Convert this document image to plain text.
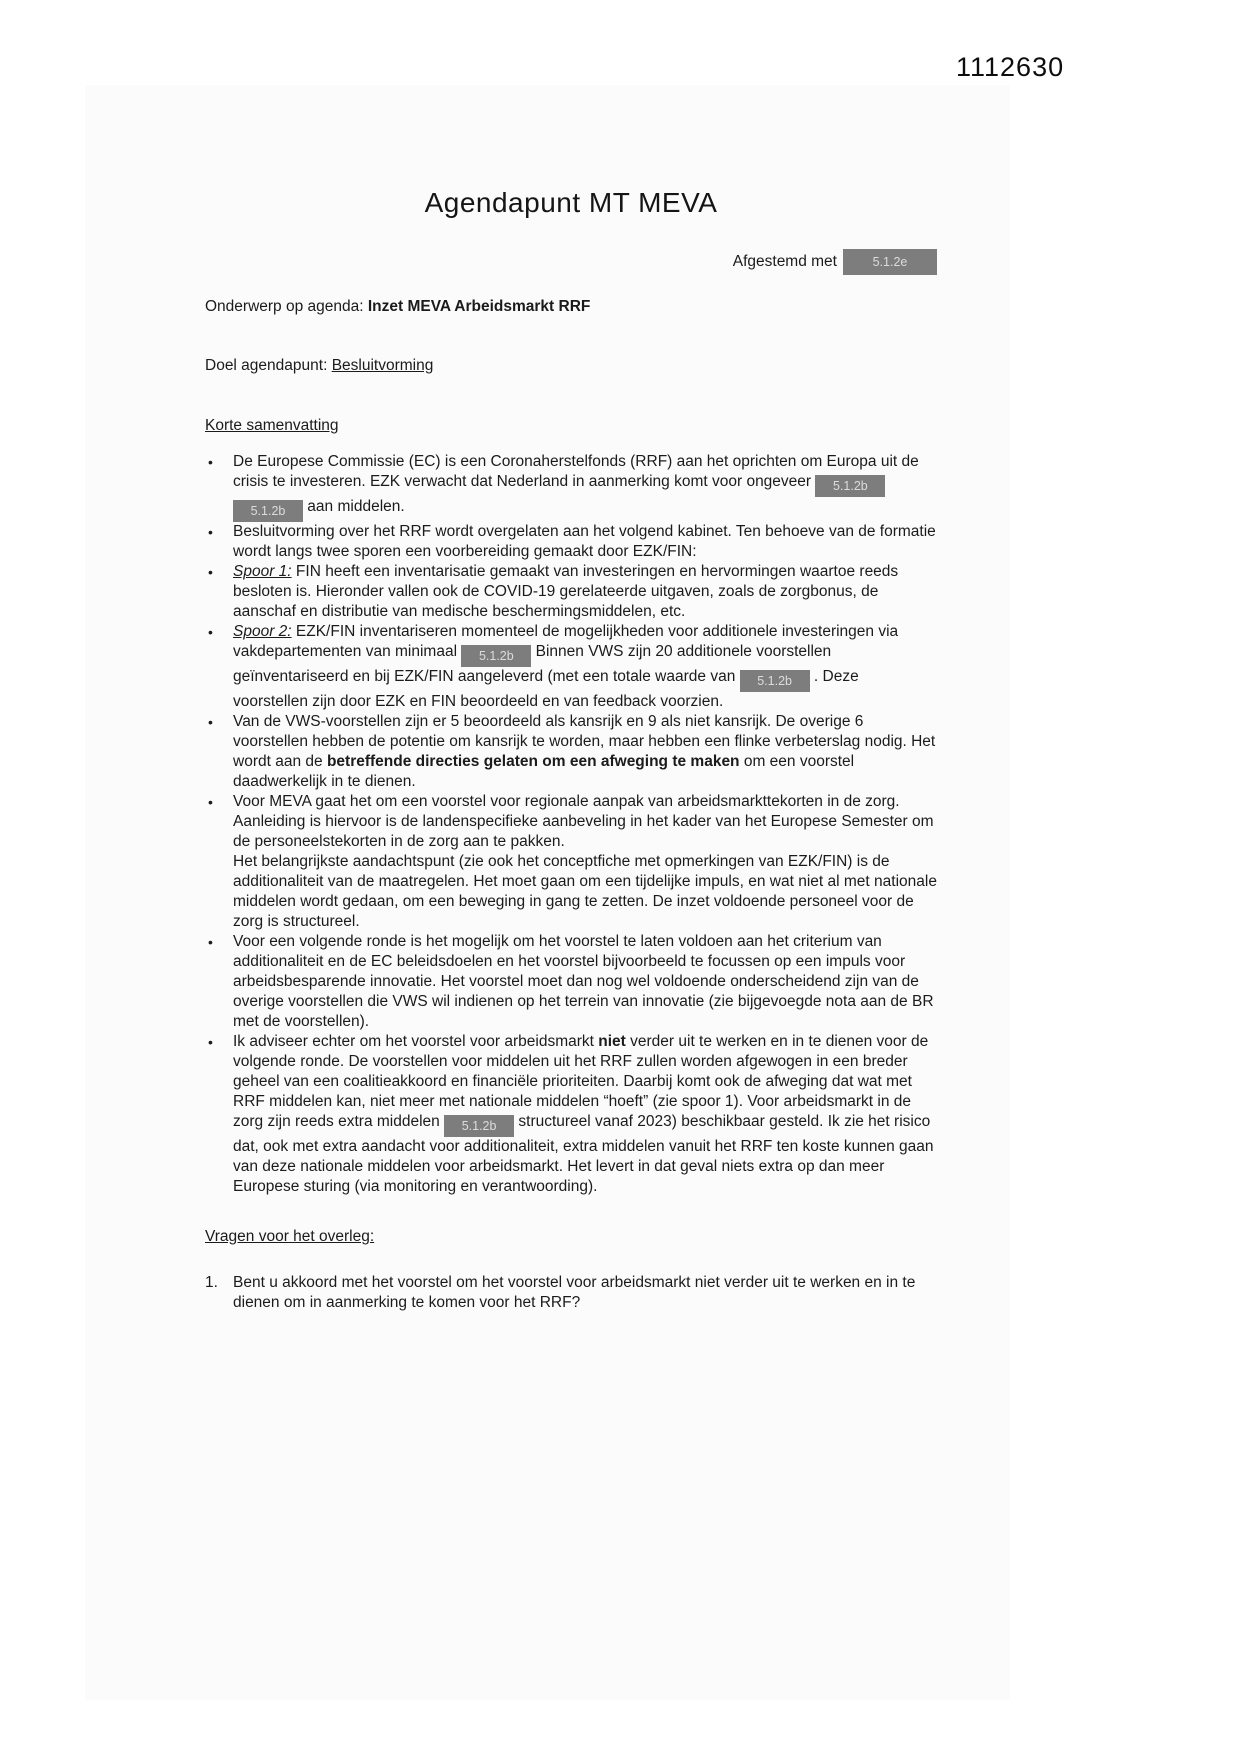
1112630
Agendapunt MT MEVA
Afgestemd met	5.1.2e
Onderwerp op agenda: Inzet MEVA Arbeidsmarkt RRF
Doel agendapunt: Besluitvorming
Korte samenvatting
• De Europese Commissie (EC) is een Coronaherstelfonds (RRF) aan het oprichten om Europa uit de crisis te investeren. EZK verwacht dat Nederland in aanmerking komt voor ongeveer 5.1.2b 5.1.2b aan middelen.
• Besluitvorming over het RRF wordt overgelaten aan het volgend kabinet. Ten behoeve van de formatie wordt langs twee sporen een voorbereiding gemaakt door EZK/FIN:
• Spoor 1: FIN heeft een inventarisatie gemaakt van investeringen en hervormingen waartoe reeds besloten is. Hieronder vallen ook de COVID-19 gerelateerde uitgaven, zoals de zorgbonus, de aanschaf en distributie van medische beschermingsmiddelen, etc.
• Spoor 2: EZK/FIN inventariseren momenteel de mogelijkheden voor additionele investeringen via vakdepartementen van minimaal 5.1.2b Binnen VWS zijn 20 additionele voorstellen geïnventariseerd en bij EZK/FIN aangeleverd (met een totale waarde van 5.1.2b . Deze voorstellen zijn door EZK en FIN beoordeeld en van feedback voorzien.
• Van de VWS-voorstellen zijn er 5 beoordeeld als kansrijk en 9 als niet kansrijk. De overige 6 voorstellen hebben de potentie om kansrijk te worden, maar hebben een flinke verbeterslag nodig. Het wordt aan de betreffende directies gelaten om een afweging te maken om een voorstel daadwerkelijk in te dienen.
• Voor MEVA gaat het om een voorstel voor regionale aanpak van arbeidsmarkttekorten in de zorg. Aanleiding is hiervoor is de landenspecifieke aanbeveling in het kader van het Europese Semester om de personeelstekorten in de zorg aan te pakken.
Het belangrijkste aandachtspunt (zie ook het conceptfiche met opmerkingen van EZK/FIN) is de additionaliteit van de maatregelen. Het moet gaan om een tijdelijke impuls, en wat niet al met nationale middelen wordt gedaan, om een beweging in gang te zetten. De inzet voldoende personeel voor de zorg is structureel.
• Voor een volgende ronde is het mogelijk om het voorstel te laten voldoen aan het criterium van additionaliteit en de EC beleidsdoelen en het voorstel bijvoorbeeld te focussen op een impuls voor arbeidsbesparende innovatie. Het voorstel moet dan nog wel voldoende onderscheidend zijn van de overige voorstellen die VWS wil indienen op het terrein van innovatie (zie bijgevoegde nota aan de BR met de voorstellen).
• Ik adviseer echter om het voorstel voor arbeidsmarkt niet verder uit te werken en in te dienen voor de volgende ronde. De voorstellen voor middelen uit het RRF zullen worden afgewogen in een breder geheel van een coalitieakkoord en financiële prioriteiten. Daarbij komt ook de afweging dat wat met RRF middelen kan, niet meer met nationale middelen “hoeft” (zie spoor 1). Voor arbeidsmarkt in de zorg zijn reeds extra middelen 5.1.2b structureel vanaf 2023) beschikbaar gesteld. Ik zie het risico dat, ook met extra aandacht voor additionaliteit, extra middelen vanuit het RRF ten koste kunnen gaan van deze nationale middelen voor arbeidsmarkt. Het levert in dat geval niets extra op dan meer Europese sturing (via monitoring en verantwoording).
Vragen voor het overleg:
1. Bent u akkoord met het voorstel om het voorstel voor arbeidsmarkt niet verder uit te werken en in te dienen om in aanmerking te komen voor het RRF?
